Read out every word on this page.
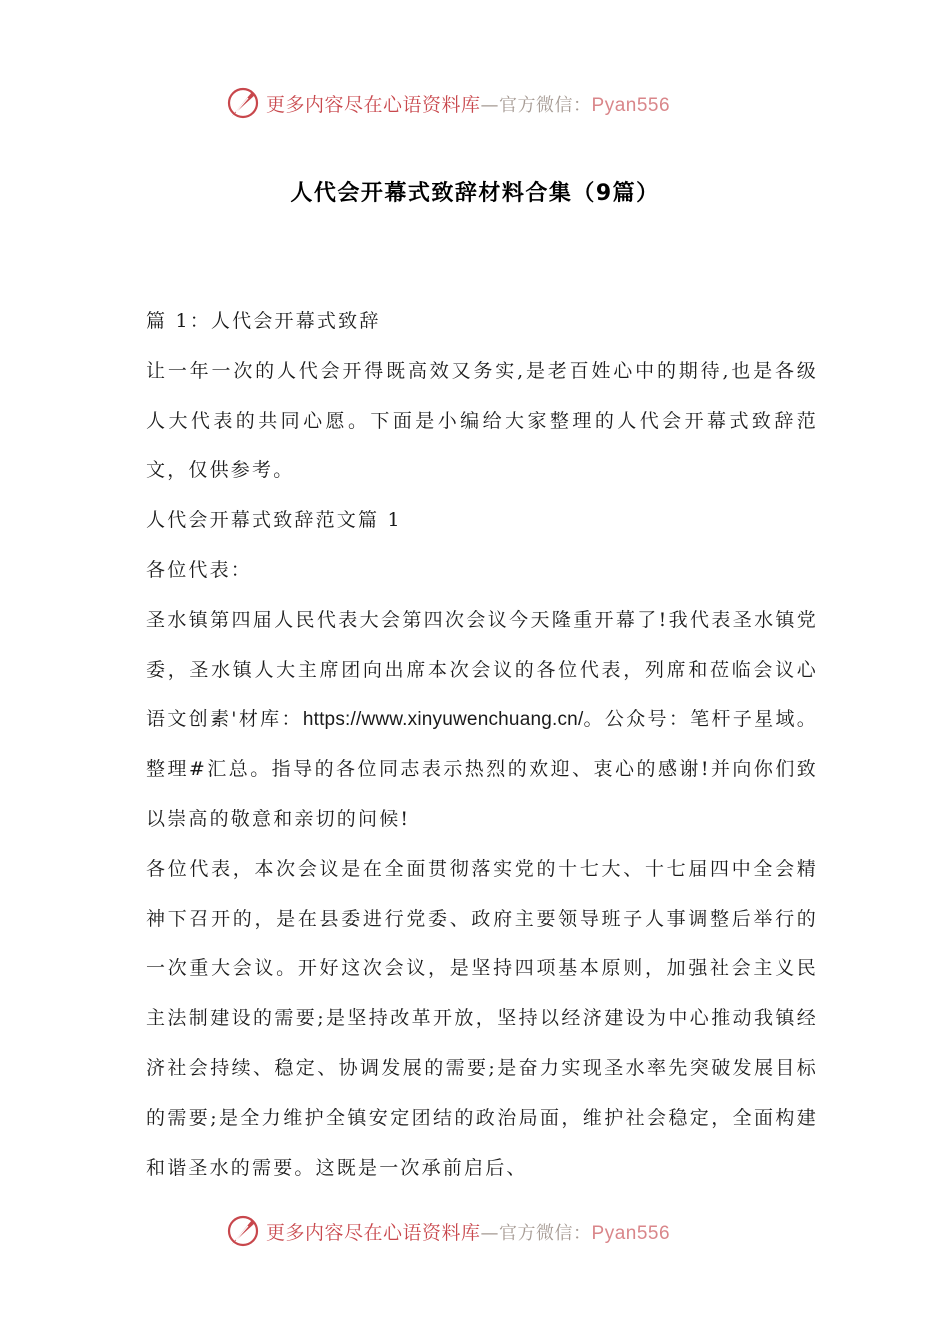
更多内容尽在心语资料库—官方微信：Pyan556
人代会开幕式致辞材料合集（9篇）

篇 1：人代会开幕式致辞

让一年一次的人代会开得既高效又务实,是老百姓心中的期待,也是各级人大代表的共同心愿。下面是小编给大家整理的人代会开幕式致辞范文，仅供参考。

人代会开幕式致辞范文篇 1

各位代表：

圣水镇第四届人民代表大会第四次会议今天隆重开幕了!我代表圣水镇党委，圣水镇人大主席团向出席本次会议的各位代表，列席和莅临会议心语文创素'材库：https://www.xinyuwenchuang.cn/。公众号：笔杆子星域。整理#汇总。指导的各位同志表示热烈的欢迎、衷心的感谢!并向你们致以崇高的敬意和亲切的问候!

各位代表，本次会议是在全面贯彻落实党的十七大、十七届四中全会精神下召开的，是在县委进行党委、政府主要领导班子人事调整后举行的一次重大会议。开好这次会议，是坚持四项基本原则，加强社会主义民主法制建设的需要;是坚持改革开放，坚持以经济建设为中心推动我镇经济社会持续、稳定、协调发展的需要;是奋力实现圣水率先突破发展目标的需要;是全力维护全镇安定团结的政治局面，维护社会稳定，全面构建和谐圣水的需要。这既是一次承前启后、

更多内容尽在心语资料库—官方微信：Pyan556
